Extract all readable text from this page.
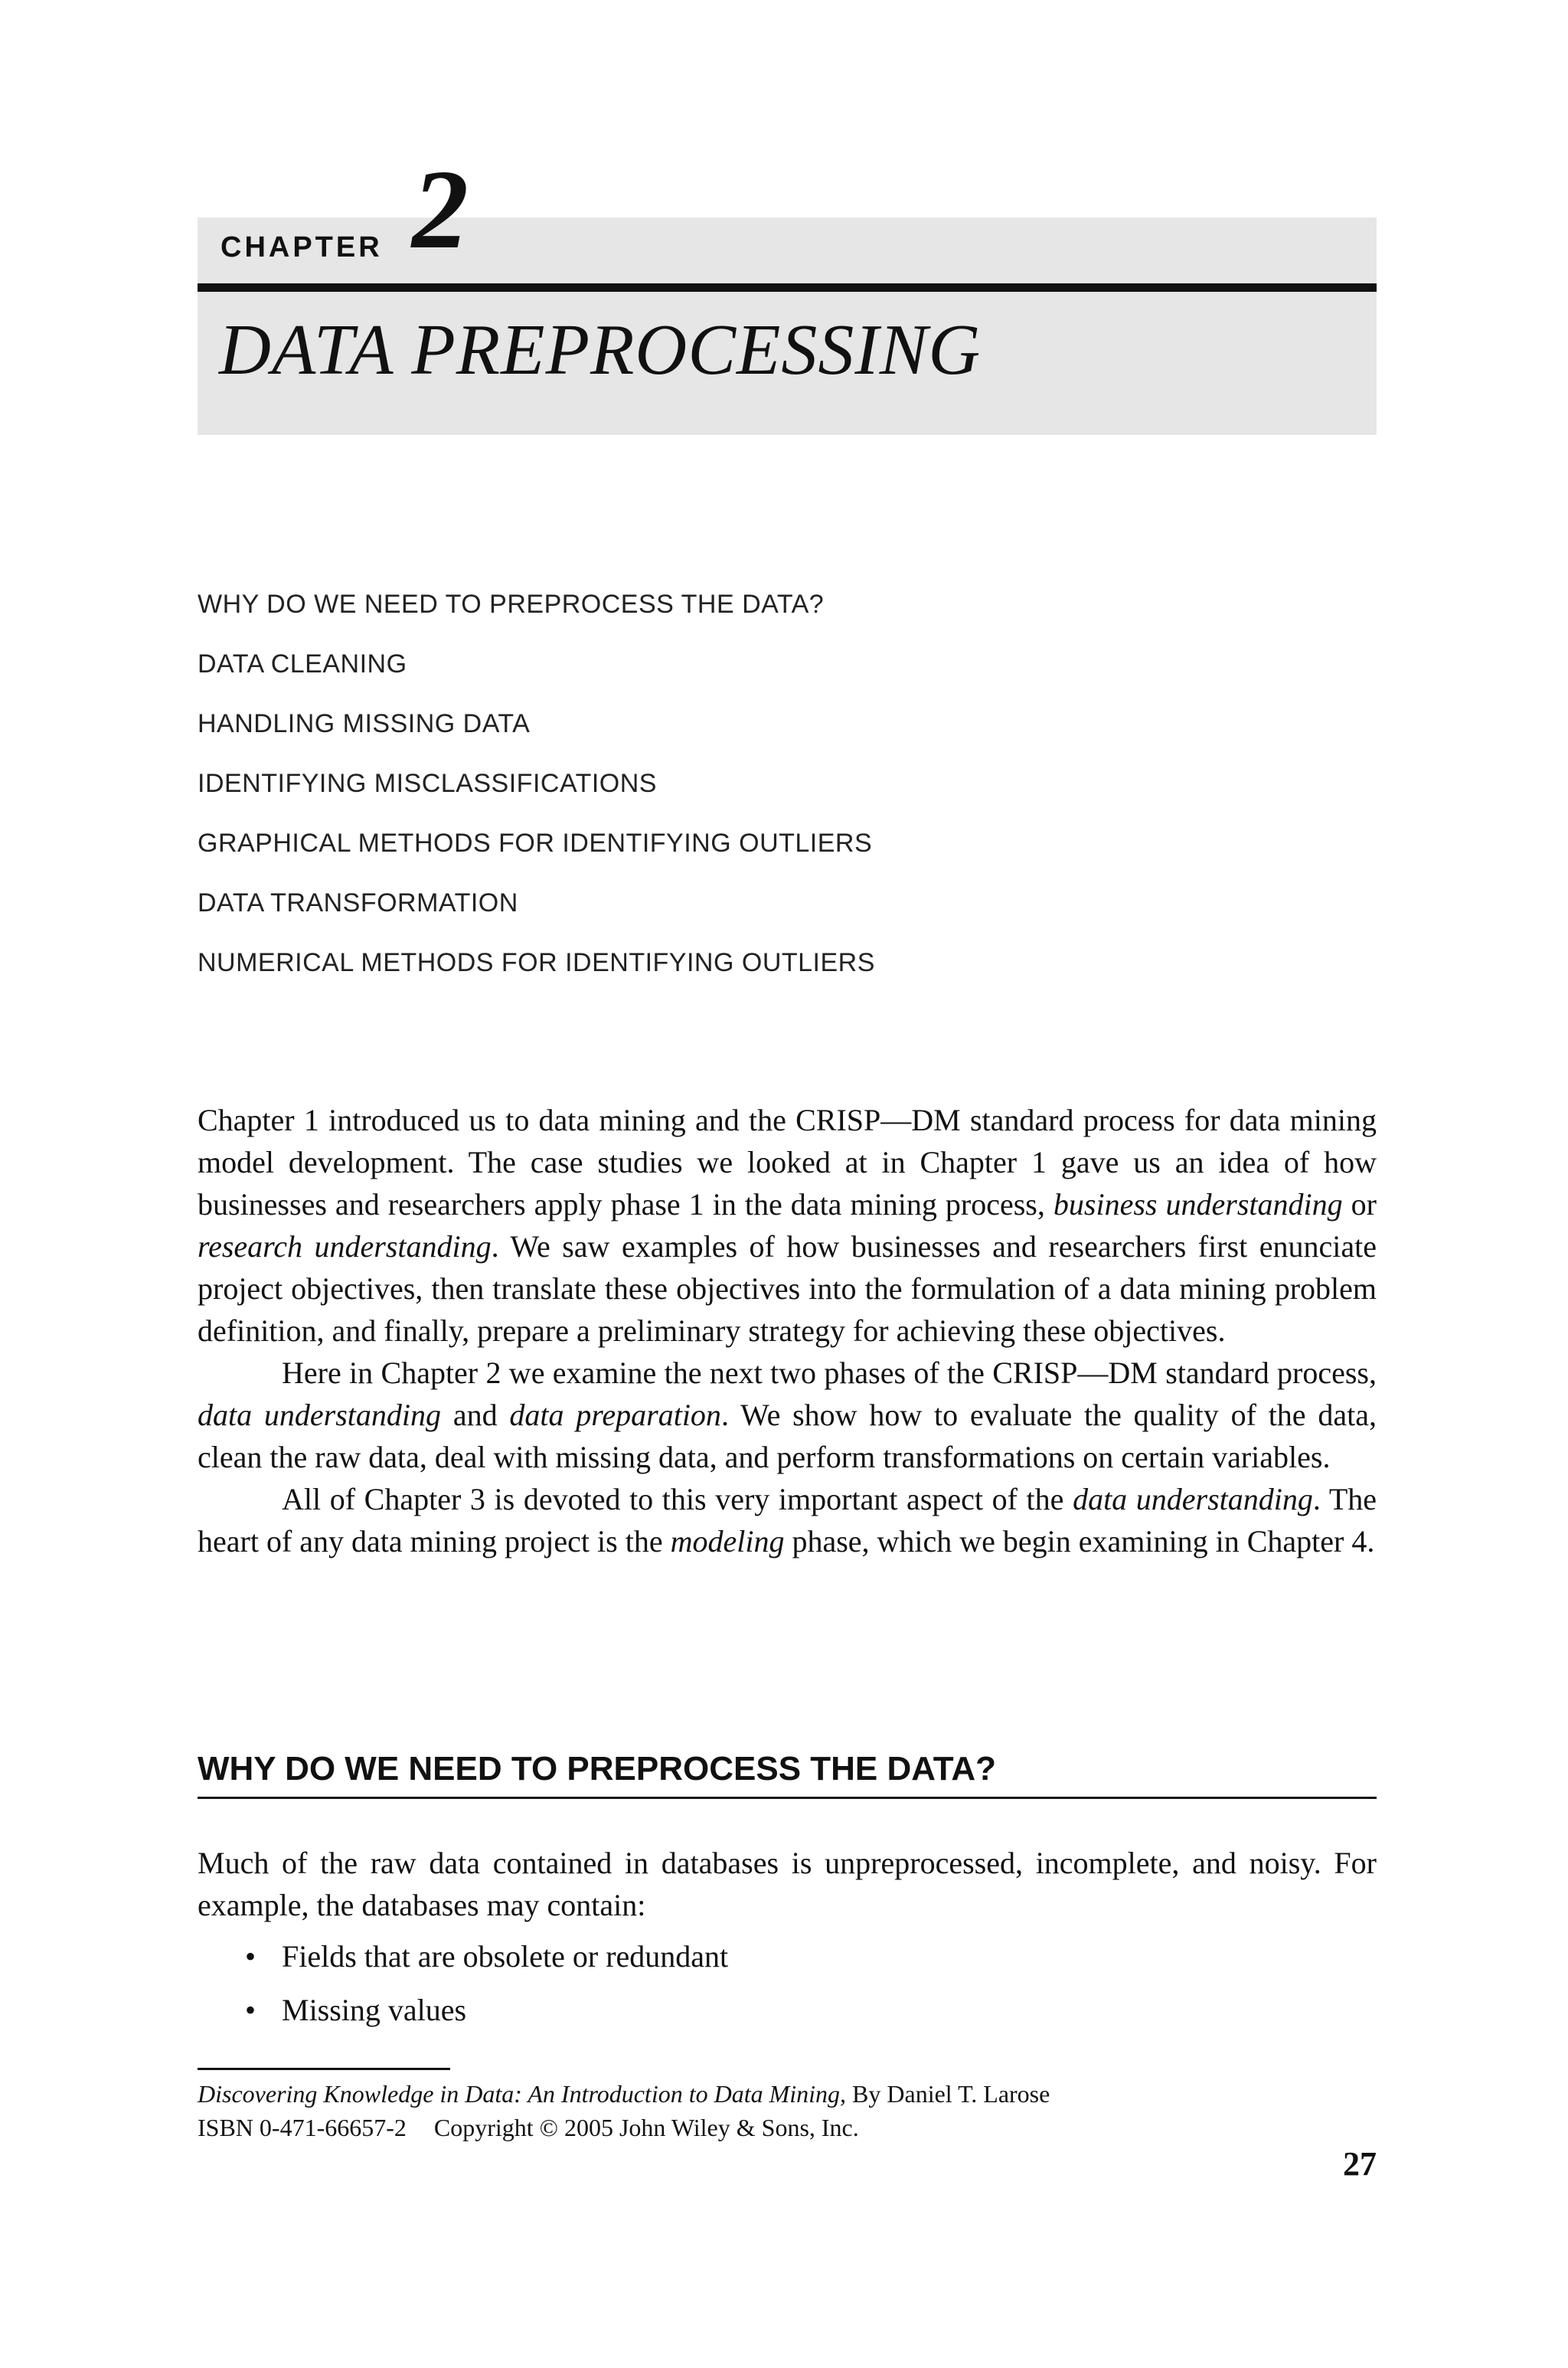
CHAPTER 2
DATA PREPROCESSING
WHY DO WE NEED TO PREPROCESS THE DATA?
DATA CLEANING
HANDLING MISSING DATA
IDENTIFYING MISCLASSIFICATIONS
GRAPHICAL METHODS FOR IDENTIFYING OUTLIERS
DATA TRANSFORMATION
NUMERICAL METHODS FOR IDENTIFYING OUTLIERS

Chapter 1 introduced us to data mining and the CRISP—DM standard process for data mining model development. The case studies we looked at in Chapter 1 gave us an idea of how businesses and researchers apply phase 1 in the data mining process, business understanding or research understanding. We saw examples of how businesses and researchers first enunciate project objectives, then translate these objectives into the formulation of a data mining problem definition, and finally, prepare a preliminary strategy for achieving these objectives.

Here in Chapter 2 we examine the next two phases of the CRISP—DM standard process, data understanding and data preparation. We show how to evaluate the quality of the data, clean the raw data, deal with missing data, and perform transformations on certain variables.

All of Chapter 3 is devoted to this very important aspect of the data understanding. The heart of any data mining project is the modeling phase, which we begin examining in Chapter 4.

WHY DO WE NEED TO PREPROCESS THE DATA?

Much of the raw data contained in databases is unpreprocessed, incomplete, and noisy. For example, the databases may contain:

• Fields that are obsolete or redundant
• Missing values
Discovering Knowledge in Data: An Introduction to Data Mining, By Daniel T. Larose
ISBN 0-471-66657-2 Copyright © 2005 John Wiley & Sons, Inc.
27
